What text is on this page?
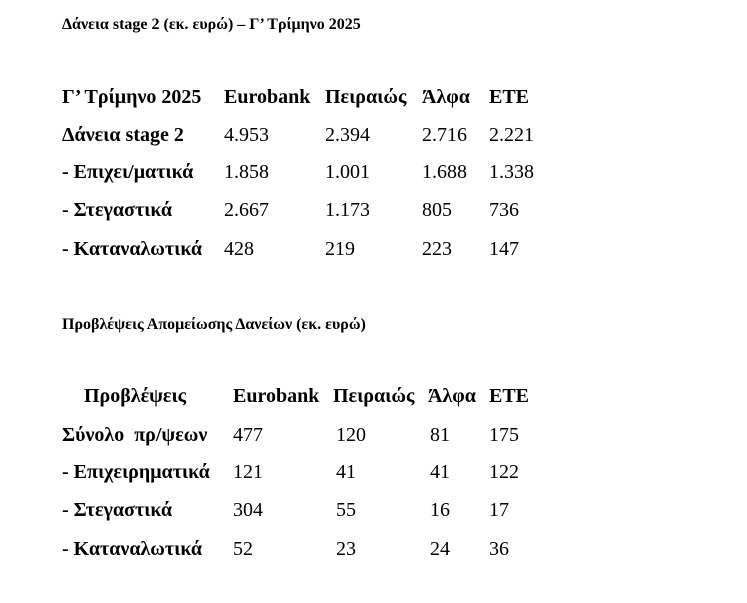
Δάνεια stage 2 (εκ. ευρώ) – Γ’ Τρίμηνο 2025
Γ’ Τρίμηνο 2025 Eurobank Πειραιώς Άλφα ΕΤΕ
Δάνεια stage 2 4.953	2.394	2.716 2.221
- Επιχει/ματικά 1.858	1.001	1.688 1.338
- Στεγαστικά	2.667	1.173	805 736
- Καταναλωτικά 428	219	223 147
Προβλέψεις Απομείωσης Δανείων (εκ. ευρώ)
Προβλέψεις Eurobank Πειραιώς Άλφα ΕΤΕ
Σύνολο  πρ/ψεων 477	120	81 175
- Επιχειρηματικά 121	41	41 122
- Στεγαστικά	304	55	16 17
- Καταναλωτικά 52	23	24 36
